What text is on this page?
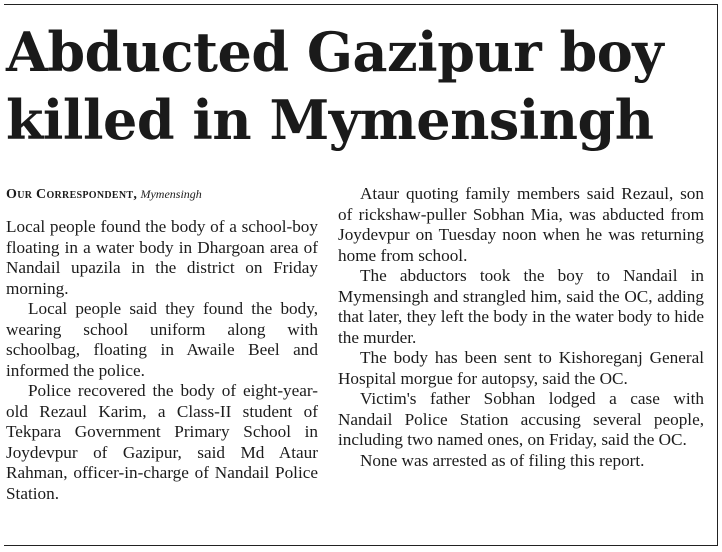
Abducted Gazipur boy killed in Mymensingh
Our Correspondent, Mymensingh

Local people found the body of a school-boy floating in a water body in Dhargoan area of Nandail upazila in the district on Friday morning.

Local people said they found the body, wearing school uniform along with schoolbag, floating in Awaile Beel and informed the police.

Police recovered the body of eight-year-old Rezaul Karim, a Class-II student of Tekpara Government Primary School in Joydevpur of Gazipur, said Md Ataur Rahman, officer-in-charge of Nandail Police Station.

Ataur quoting family members said Rezaul, son of rickshaw-puller Sobhan Mia, was abducted from Joydevpur on Tuesday noon when he was returning home from school.

The abductors took the boy to Nandail in Mymensingh and strangled him, said the OC, adding that later, they left the body in the water body to hide the murder.

The body has been sent to Kishoreganj General Hospital morgue for autopsy, said the OC.

Victim's father Sobhan lodged a case with Nandail Police Station accusing several people, including two named ones, on Friday, said the OC.

None was arrested as of filing this report.
